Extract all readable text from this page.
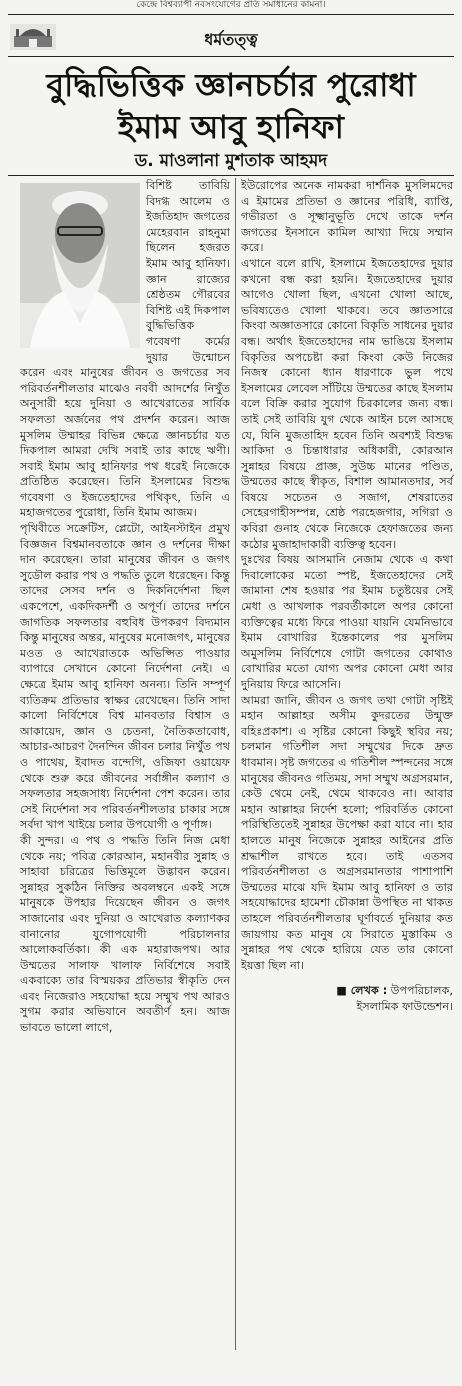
কেন্দ্রে বিশ্বব্যাপী নবসংযোগের প্রতি সমাধানের কামনা।
ধর্মতত্ত্ব
বুদ্ধিভিত্তিক জ্ঞানচর্চার পুরোধা
ইমাম আবু হানিফা
ড. মাওলানা মুশতাক আহমদ

বিশিষ্ট তাবিয়ি বিদগ্ধ আলেম ও ইজতিহাদ জগতের মেহেরবান রাহনুমা ছিলেন হজরত ইমাম আবু হানিফা। জ্ঞান রাজ্যের শ্রেষ্ঠতম গৌরবের বিশিষ্ট এই দিকপাল বুদ্ধিভিত্তিক গবেষণা কর্মের দুয়ার উন্মোচন করেন এবং মানুষের জীবন ও জগতের সব পরিবর্তনশীলতার মাঝেও নববী আদর্শের নিখুঁত অনুসারী হয়ে দুনিয়া ও আখেরাতের সার্বিক সফলতা অর্জনের পথ প্রদর্শন করেন। আজ মুসলিম উম্মাহর বিভিন্ন ক্ষেত্রে জ্ঞানচর্চার যত দিকপাল আমরা দেখি সবাই তার কাছে ঋণী। সবাই ইমাম আবু হানিফার পথ ধরেই নিজেকে প্রতিষ্ঠিত করেছেন। তিনি ইসলামের বিশুদ্ধ গবেষণা ও ইজতেহাদের পথিকৃৎ, তিনি এ মহাজগতের পুরোধা, তিনি ইমাম আজম।

পৃথিবীতে সক্রেটিস, প্লেটো, আইনস্টাইন প্রমুখ বিজ্ঞজন বিশ্বমানবতাকে জ্ঞান ও দর্শনের দীক্ষা দান করেছেন। তারা মানুষের জীবন ও জগৎ সুডৌল করার পথ ও পদ্ধতি তুলে ধরেছেন। কিন্তু তাদের সেসব দর্শন ও দিকনির্দেশনা ছিল একপেশে, একদিকদর্শী ও অপূর্ণ। তাদের দর্শনে জাগতিক সফলতার বহুবিধ উপকরণ বিদ্যমান কিন্তু মানুষের অন্তর, মানুষের মনোজগৎ, মানুষের মওত ও আখেরাতকে অভিপ্সিত পাওয়ার ব্যাপারে সেখানে কোনো নির্দেশনা নেই। এ ক্ষেত্রে ইমাম আবু হানিফা অনন্য। তিনি সম্পূর্ণ ব্যতিক্রম প্রতিভার স্বাক্ষর রেখেছেন। তিনি সাদা কালো নির্বিশেষে বিশ্ব মানবতার বিশ্বাস ও আকায়েদ, জ্ঞান ও চেতনা, নৈতিকতাবোধ, আচার-আচরণ দৈনন্দিন জীবন চলার নিখুঁত পথ ও পাথেয়, ইবাদত বন্দেগি, ওজিফা ওয়ায়েফ থেকে শুরু করে জীবনের সর্বাঙ্গীন কল্যাণ ও সফলতার সহজসাধ্য নির্দেশনা পেশ করেন। তার সেই নির্দেশনা সব পরিবর্তনশীলতার চাকার সঙ্গে সর্বদা খাপ খাইয়ে চলার উপযোগী ও পূর্ণাঙ্গ।

কী সুন্দর। এ পথ ও পদ্ধতি তিনি নিজ মেধা থেকে নয়; পবিত্র কোরআন, মহানবীর সুন্নাহ ও সাহাবা চরিত্রের ভিত্তিমূলে উদ্ভাবন করেন। সুন্নাহর সুকঠিন নিক্তির অবলম্বনে একই সঙ্গে মানুষকে উপহার দিয়েছেন জীবন ও জগৎ সাজানোর এবং দুনিয়া ও আখেরাত কল্যাণকর বানানোর যুগোপযোগী পরিচালনার আলোকবর্তিকা। কী এক মহারাজপথ। আর উম্মতের সালাফ খালাফ নির্বিশেষে সবাই একবাক্যে তার বিস্ময়কর প্রতিভার স্বীকৃতি দেন এবং নিজেরাও সহযোদ্ধা হয়ে সম্মুখ পথ আরও সুগম করার অভিযানে অবতীর্ণ হন। আজ ভাবতে ভালো লাগে,

ইউরোপের অনেক নামকরা দার্শনিক মুসলিমদের এ ইমামের প্রতিভা ও জ্ঞানের পরিধি, ব্যাপ্তি, গভীরতা ও সূক্ষ্মানুভূতি দেখে তাকে দর্শন জগতের ইনসানে কামিল আখ্যা দিয়ে সম্মান করে।

এখানে বলে রাখি, ইসলামে ইজতেহাদের দুয়ার কখনো বন্ধ করা হয়নি। ইজতেহাদের দুয়ার আগেও খোলা ছিল, এখনো খোলা আছে, ভবিষ্যতেও খোলা থাকবে। তবে জ্ঞাতসারে কিংবা অজ্ঞাতসারে কোনো বিকৃতি সাধনের দুয়ার বন্ধ। অর্থাৎ ইজতেহাদের নাম ভাঙিয়ে ইসলাম বিকৃতির অপচেষ্টা করা কিংবা কেউ নিজের নিজস্ব কোনো ধ্যান ধারণাকে ভুল পথে ইসলামের লেবেল সাঁটিয়ে উম্মতের কাছে ইসলাম বলে বিক্রি করার সুযোগ চিরকালের জন্য বন্ধ। তাই সেই তাবিয়ি যুগ থেকে আইন চলে আসছে যে, যিনি মুজতাহিদ হবেন তিনি অবশ্যই বিশুদ্ধ আকিদা ও চিন্তাধারার অধিকারী, কোরআন সুন্নাহর বিষয়ে প্রাজ্ঞ, সুউচ্চ মানের পণ্ডিত, উম্মতের কাছে স্বীকৃত, বিশাল আমানতদার, সর্ব বিষয়ে সচেতন ও সজাগ, শেষরাতের সেহেরগাহীসম্পন্ন, শ্রেষ্ঠ পরহেজগার, সগিরা ও কবিরা গুনাহ থেকে নিজেকে হেফাজতের জন্য কঠোর মুজাহাদাকারী ব্যক্তিত্ব হবেন।

দুঃখের বিষয় আসমানি নেজাম থেকে এ কথা দিবালোকের মতো স্পষ্ট, ইজতেহাদের সেই জামানা শেষ হওয়ার পর ইমাম চতুষ্টয়ের সেই মেধা ও আখলাক পরবর্তীকালে অপর কোনো ব্যক্তিত্বের মধ্যে ফিরে পাওয়া যায়নি যেমনিভাবে ইমাম বোখারির ইন্তেকালের পর মুসলিম অমুসলিম নির্বিশেষে গোটা জগতের কোথাও বোখারির মতো যোগ্য অপর কোনো মেধা আর দুনিয়ায় ফিরে আসেনি।

আমরা জানি, জীবন ও জগৎ তথা গোটা সৃষ্টিই মহান আল্লাহর অসীম কুদরতের উন্মুক্ত বহিঃপ্রকাশ। এ সৃষ্টির কোনো কিছুই স্থবির নয়; চলমান গতিশীল সদা সম্মুখের দিকে দ্রুত ধাবমান। সৃষ্ট জগতের এ গতিশীল স্পন্দনের সঙ্গে মানুষের জীবনও গতিময়, সদা সম্মুখ অগ্রসরমান, কেউ থেমে নেই, থেমে থাকবেও না। আবার মহান আল্লাহর নির্দেশ হলো; পরিবর্তিত কোনো পরিস্থিতিতেই সুন্নাহর উপেক্ষা করা যাবে না। হার হালতে মানুষ নিজেকে সুন্নাহর আইনের প্রতি শ্রদ্ধাশীল রাখতে হবে। তাই এতসব পরিবর্তনশীলতা ও অগ্রসরমানতার পাশাপাশি উম্মতের মাঝে যদি ইমাম আবু হানিফা ও তার সহযোদ্ধাদের হামেশা চৌকান্না উপস্থিত না থাকত তাহলে পরিবর্তনশীলতার ঘূর্ণাবর্তে দুনিয়ার কত জায়গায় কত মানুষ যে সিরাতে মুস্তাকিম ও সুন্নাহর পথ থেকে হারিয়ে যেত তার কোনো ইয়ত্তা ছিল না।

■ লেখক : উপপরিচালক,
ইসলামিক ফাউন্ডেশন।
